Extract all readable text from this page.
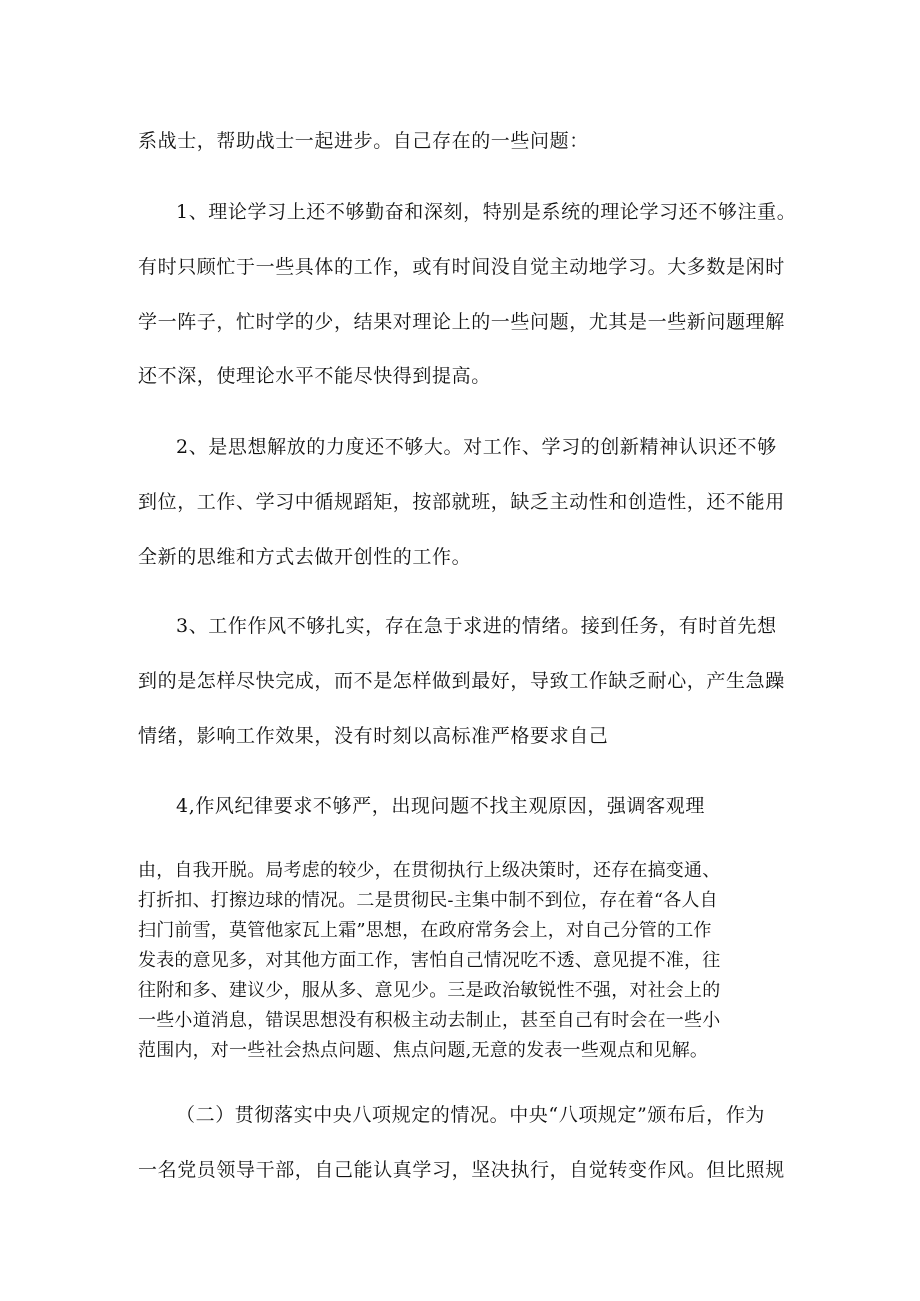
系战士，帮助战士一起进步。自己存在的一些问题：
1、理论学习上还不够勤奋和深刻，特别是系统的理论学习还不够注重。
有时只顾忙于一些具体的工作，或有时间没自觉主动地学习。大多数是闲时
学一阵子，忙时学的少，结果对理论上的一些问题，尤其是一些新问题理解
还不深，使理论水平不能尽快得到提高。
2、是思想解放的力度还不够大。对工作、学习的创新精神认识还不够
到位，工作、学习中循规蹈矩，按部就班，缺乏主动性和创造性，还不能用
全新的思维和方式去做开创性的工作。
3、工作作风不够扎实，存在急于求进的情绪。接到任务，有时首先想
到的是怎样尽快完成，而不是怎样做到最好，导致工作缺乏耐心，产生急躁
情绪，影响工作效果，没有时刻以高标准严格要求自己
4,作风纪律要求不够严，出现问题不找主观原因，强调客观理
由，自我开脱。局考虑的较少，在贯彻执行上级决策时，还存在搞变通、
打折扣、打擦边球的情况。二是贯彻民-主集中制不到位，存在着“各人自
扫门前雪，莫管他家瓦上霜”思想，在政府常务会上，对自己分管的工作
发表的意见多，对其他方面工作，害怕自己情况吃不透、意见提不准，往
往附和多、建议少，服从多、意见少。三是政治敏锐性不强，对社会上的
一些小道消息，错误思想没有积极主动去制止，甚至自己有时会在一些小
范围内，对一些社会热点问题、焦点问题,无意的发表一些观点和见解。
（二）贯彻落实中央八项规定的情况。中央“八项规定”颁布后，作为
一名党员领导干部，自己能认真学习，坚决执行，自觉转变作风。但比照规
